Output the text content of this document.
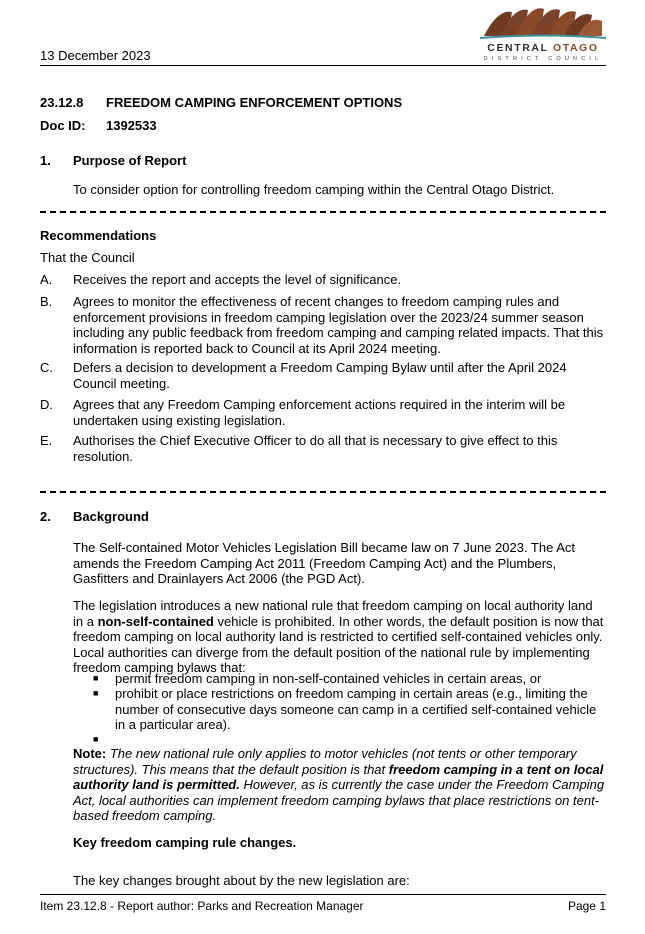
13 December 2023	CENTRAL OTAGO
DISTRICT COUNCIL
23.12.8 FREEDOM CAMPING ENFORCEMENT OPTIONS
Doc ID: 1392533
1. Purpose of Report
To consider option for controlling freedom camping within the Central Otago District.
Recommendations
That the Council
A. Receives the report and accepts the level of significance.
B. Agrees to monitor the effectiveness of recent changes to freedom camping rules and enforcement provisions in freedom camping legislation over the 2023/24 summer season including any public feedback from freedom camping and camping related impacts. That this information is reported back to Council at its April 2024 meeting.
C. Defers a decision to development a Freedom Camping Bylaw until after the April 2024 Council meeting.
D. Agrees that any Freedom Camping enforcement actions required in the interim will be undertaken using existing legislation.
E. Authorises the Chief Executive Officer to do all that is necessary to give effect to this resolution.
2. Background
The Self-contained Motor Vehicles Legislation Bill became law on 7 June 2023. The Act amends the Freedom Camping Act 2011 (Freedom Camping Act) and the Plumbers, Gasfitters and Drainlayers Act 2006 (the PGD Act).
The legislation introduces a new national rule that freedom camping on local authority land in a non-self-contained vehicle is prohibited. In other words, the default position is now that freedom camping on local authority land is restricted to certified self-contained vehicles only. Local authorities can diverge from the default position of the national rule by implementing freedom camping bylaws that:
■ permit freedom camping in non-self-contained vehicles in certain areas, or
■ prohibit or place restrictions on freedom camping in certain areas (e.g., limiting the number of consecutive days someone can camp in a certified self-contained vehicle in a particular area).
■
Note: The new national rule only applies to motor vehicles (not tents or other temporary structures). This means that the default position is that freedom camping in a tent on local authority land is permitted. However, as is currently the case under the Freedom Camping Act, local authorities can implement freedom camping bylaws that place restrictions on tent-based freedom camping.
Key freedom camping rule changes.
The key changes brought about by the new legislation are:
Item 23.12.8 - Report author: Parks and Recreation Manager	Page 1
